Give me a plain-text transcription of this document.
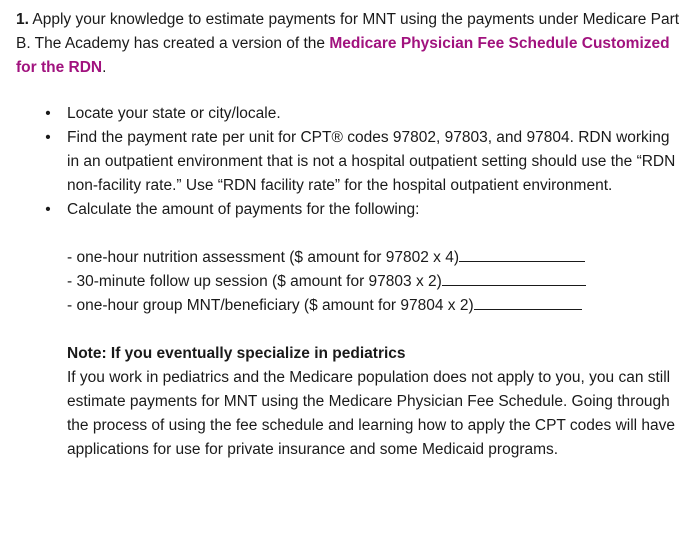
1. Apply your knowledge to estimate payments for MNT using the payments under Medicare Part B. The Academy has created a version of the Medicare Physician Fee Schedule Customized for the RDN.

• Locate your state or city/locale.
• Find the payment rate per unit for CPT® codes 97802, 97803, and 97804. RDN working in an outpatient environment that is not a hospital outpatient setting should use the “RDN non-facility rate.” Use “RDN facility rate” for the hospital outpatient environment.
• Calculate the amount of payments for the following:
- one-hour nutrition assessment ($ amount for 97802 x 4)
- 30-minute follow up session ($ amount for 97803 x 2)
- one-hour group MNT/beneficiary ($ amount for 97804 x 2)
Note: If you eventually specialize in pediatrics
If you work in pediatrics and the Medicare population does not apply to you, you can still estimate payments for MNT using the Medicare Physician Fee Schedule. Going through the process of using the fee schedule and learning how to apply the CPT codes will have applications for use for private insurance and some Medicaid programs.
